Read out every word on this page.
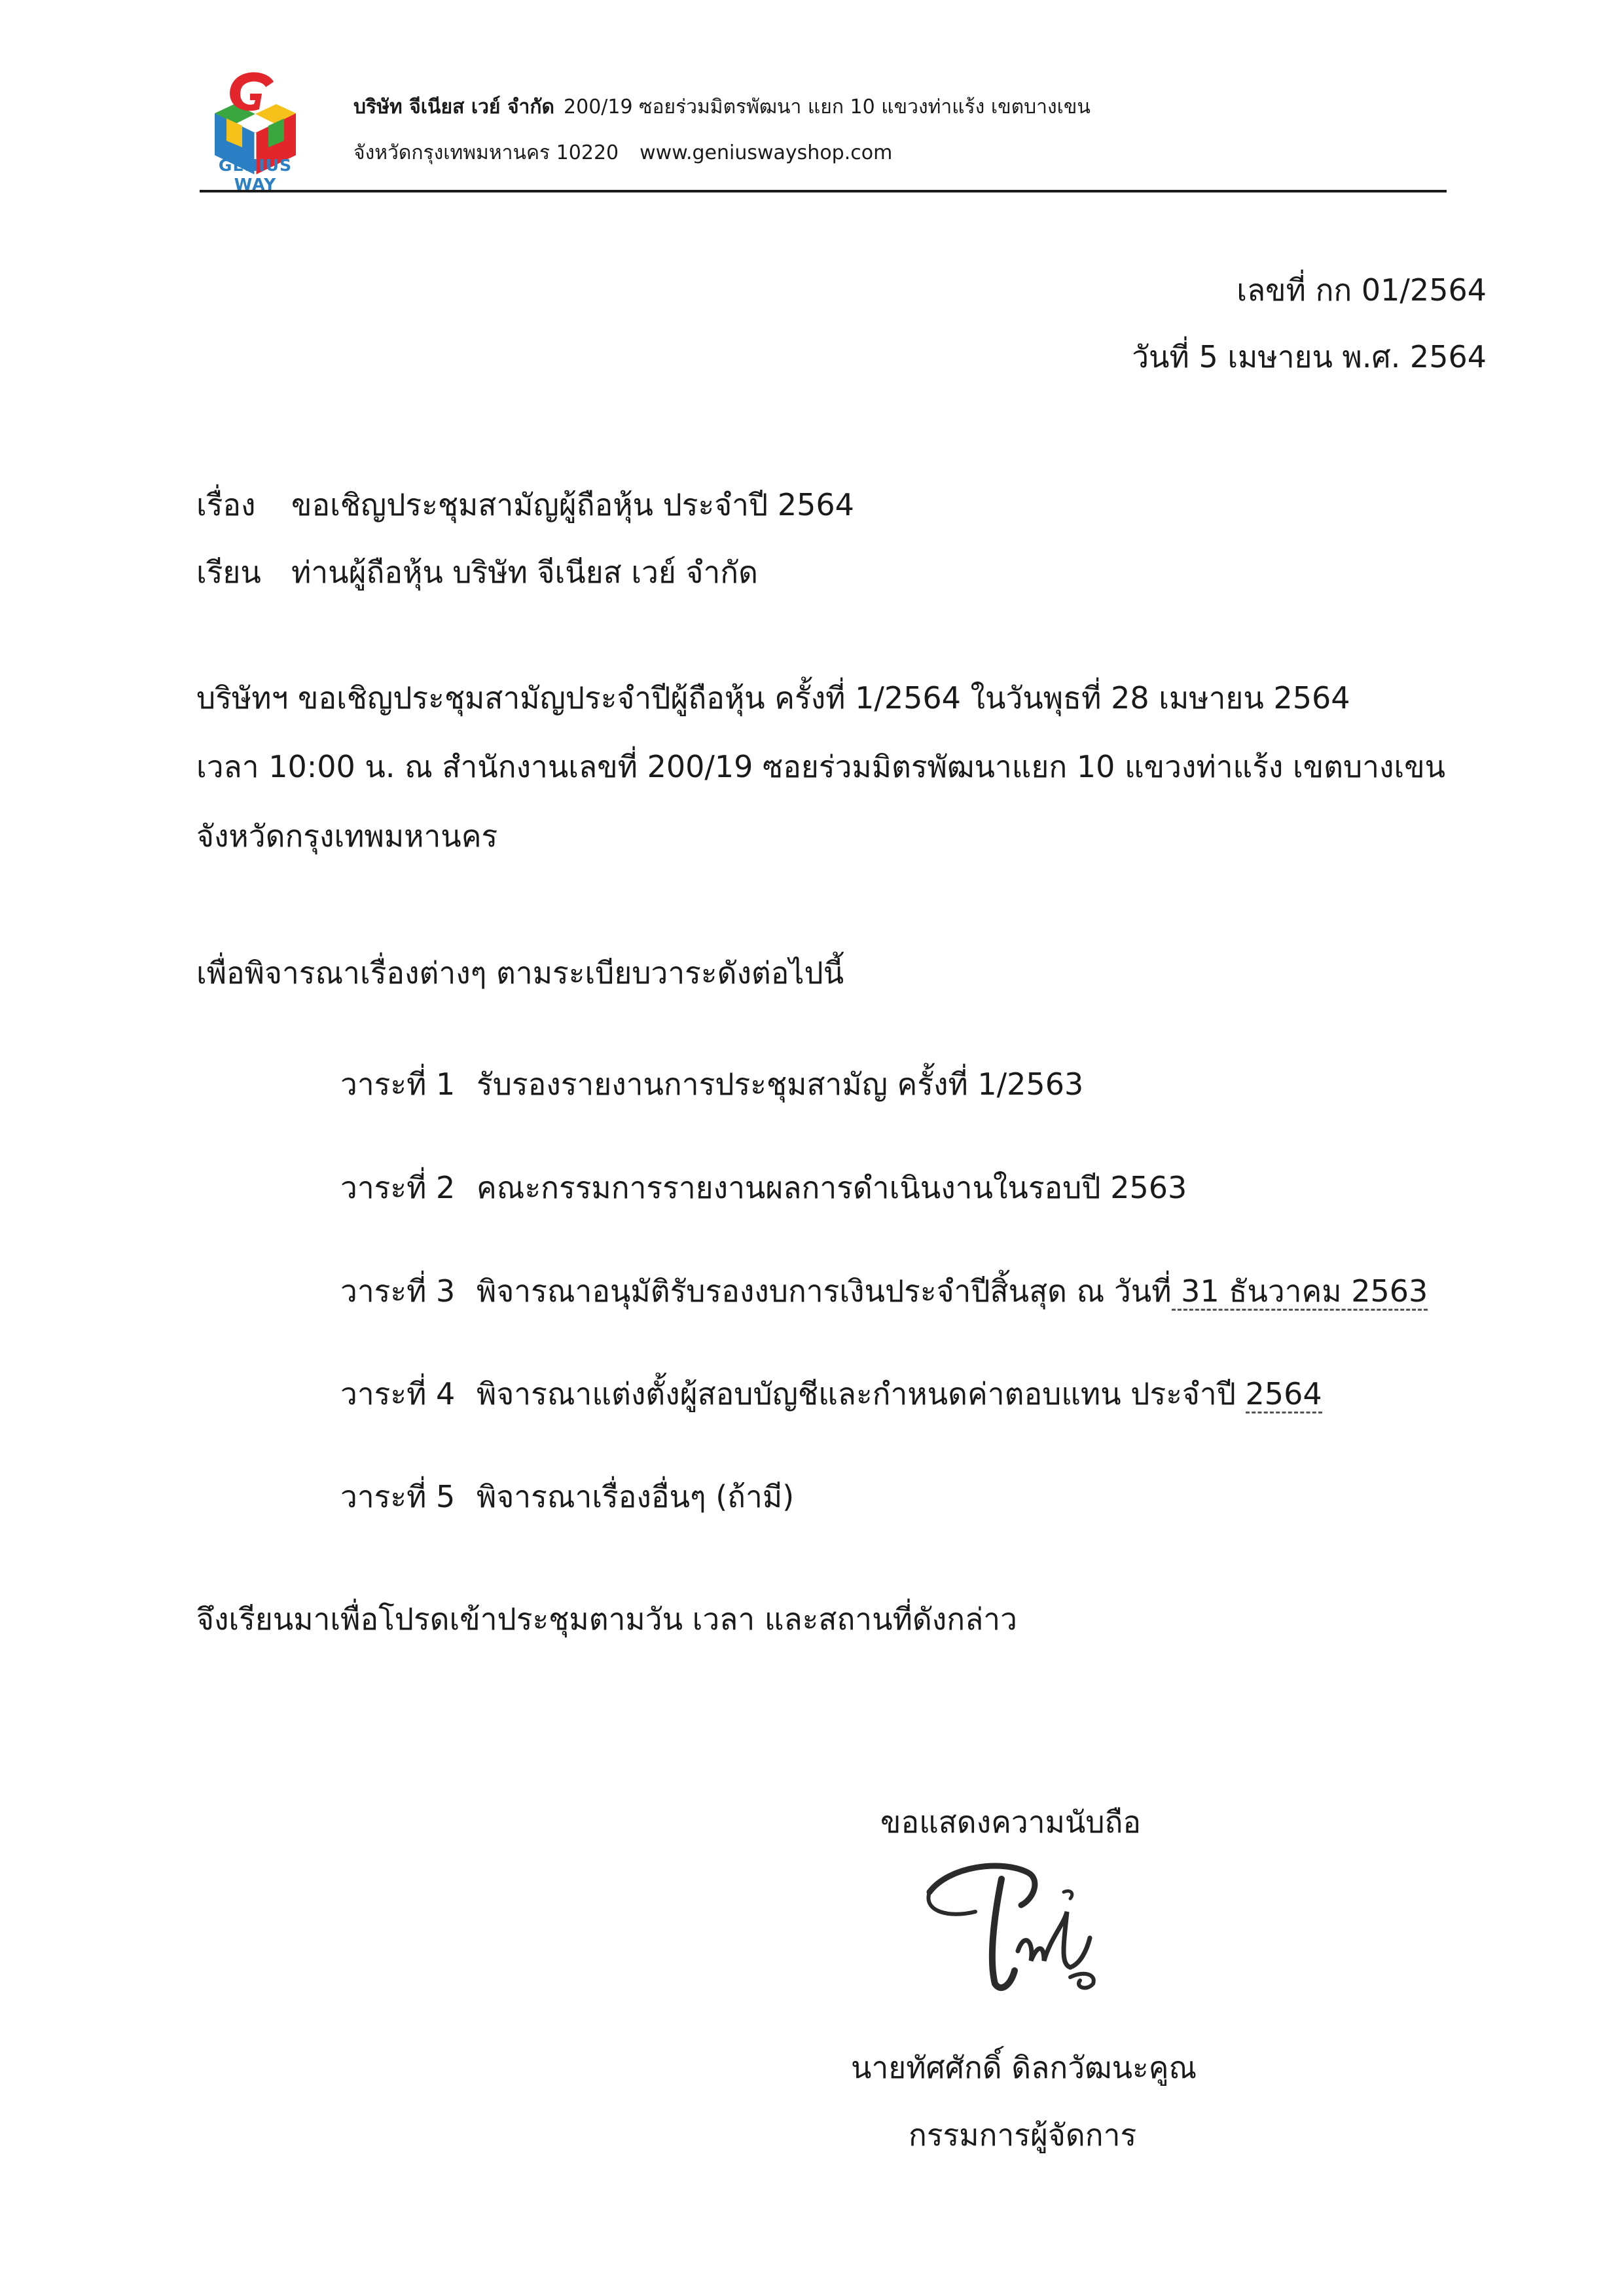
GENIUS WAY
บริษัท จีเนียส เวย์ จำกัด 200/19 ซอยร่วมมิตรพัฒนา แยก 10 แขวงท่าแร้ง เขตบางเขน
จังหวัดกรุงเทพมหานคร 10220 www.geniuswayshop.com
เลขที่ กก 01/2564
วันที่ 5 เมษายน พ.ศ. 2564
เรื่อง ขอเชิญประชุมสามัญผู้ถือหุ้น ประจำปี 2564
เรียน ท่านผู้ถือหุ้น บริษัท จีเนียส เวย์ จำกัด
บริษัทฯ ขอเชิญประชุมสามัญประจำปีผู้ถือหุ้น ครั้งที่ 1/2564 ในวันพุธที่ 28 เมษายน 2564
เวลา 10:00 น. ณ สำนักงานเลขที่ 200/19 ซอยร่วมมิตรพัฒนาแยก 10 แขวงท่าแร้ง เขตบางเขน
จังหวัดกรุงเทพมหานคร
เพื่อพิจารณาเรื่องต่างๆ ตามระเบียบวาระดังต่อไปนี้
วาระที่ 1 รับรองรายงานการประชุมสามัญ ครั้งที่ 1/2563
วาระที่ 2 คณะกรรมการรายงานผลการดำเนินงานในรอบปี 2563
วาระที่ 3 พิจารณาอนุมัติรับรองงบการเงินประจำปีสิ้นสุด ณ วันที่ 31 ธันวาคม 2563
วาระที่ 4 พิจารณาแต่งตั้งผู้สอบบัญชีและกำหนดค่าตอบแทน ประจำปี 2564
วาระที่ 5 พิจารณาเรื่องอื่นๆ (ถ้ามี)
จึงเรียนมาเพื่อโปรดเข้าประชุมตามวัน เวลา และสถานที่ดังกล่าว
ขอแสดงความนับถือ
นายทัศศักดิ์ ดิลกวัฒนะคูณ
กรรมการผู้จัดการ
